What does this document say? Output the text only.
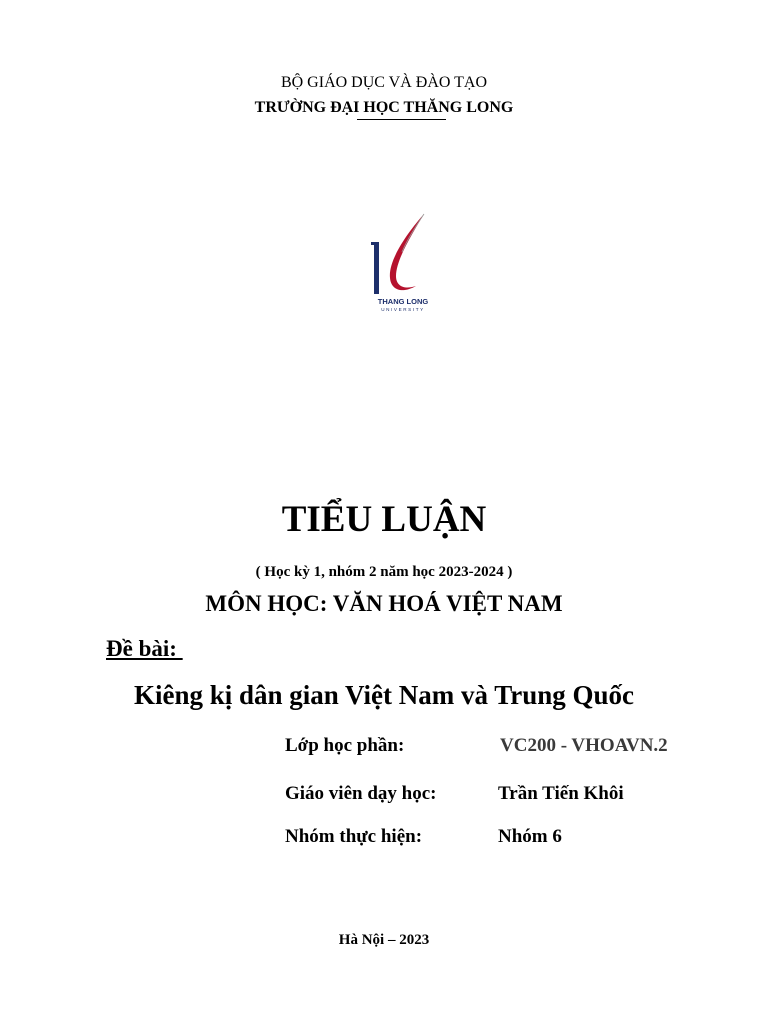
BỘ GIÁO DỤC VÀ ĐÀO TẠO
TRƯỜNG ĐẠI HỌC THĂNG LONG
THANG LONG
UNIVERSITY
TIỂU LUẬN
( Học kỳ 1, nhóm 2 năm học 2023-2024 )
MÔN HỌC: VĂN HOÁ VIỆT NAM
Đề bài:
Kiêng kị dân gian Việt Nam và Trung Quốc
Lớp học phần:	VC200 - VHOAVN.2
Giáo viên dạy học:	Trần Tiến Khôi
Nhóm thực hiện:	Nhóm 6
Hà Nội – 2023
